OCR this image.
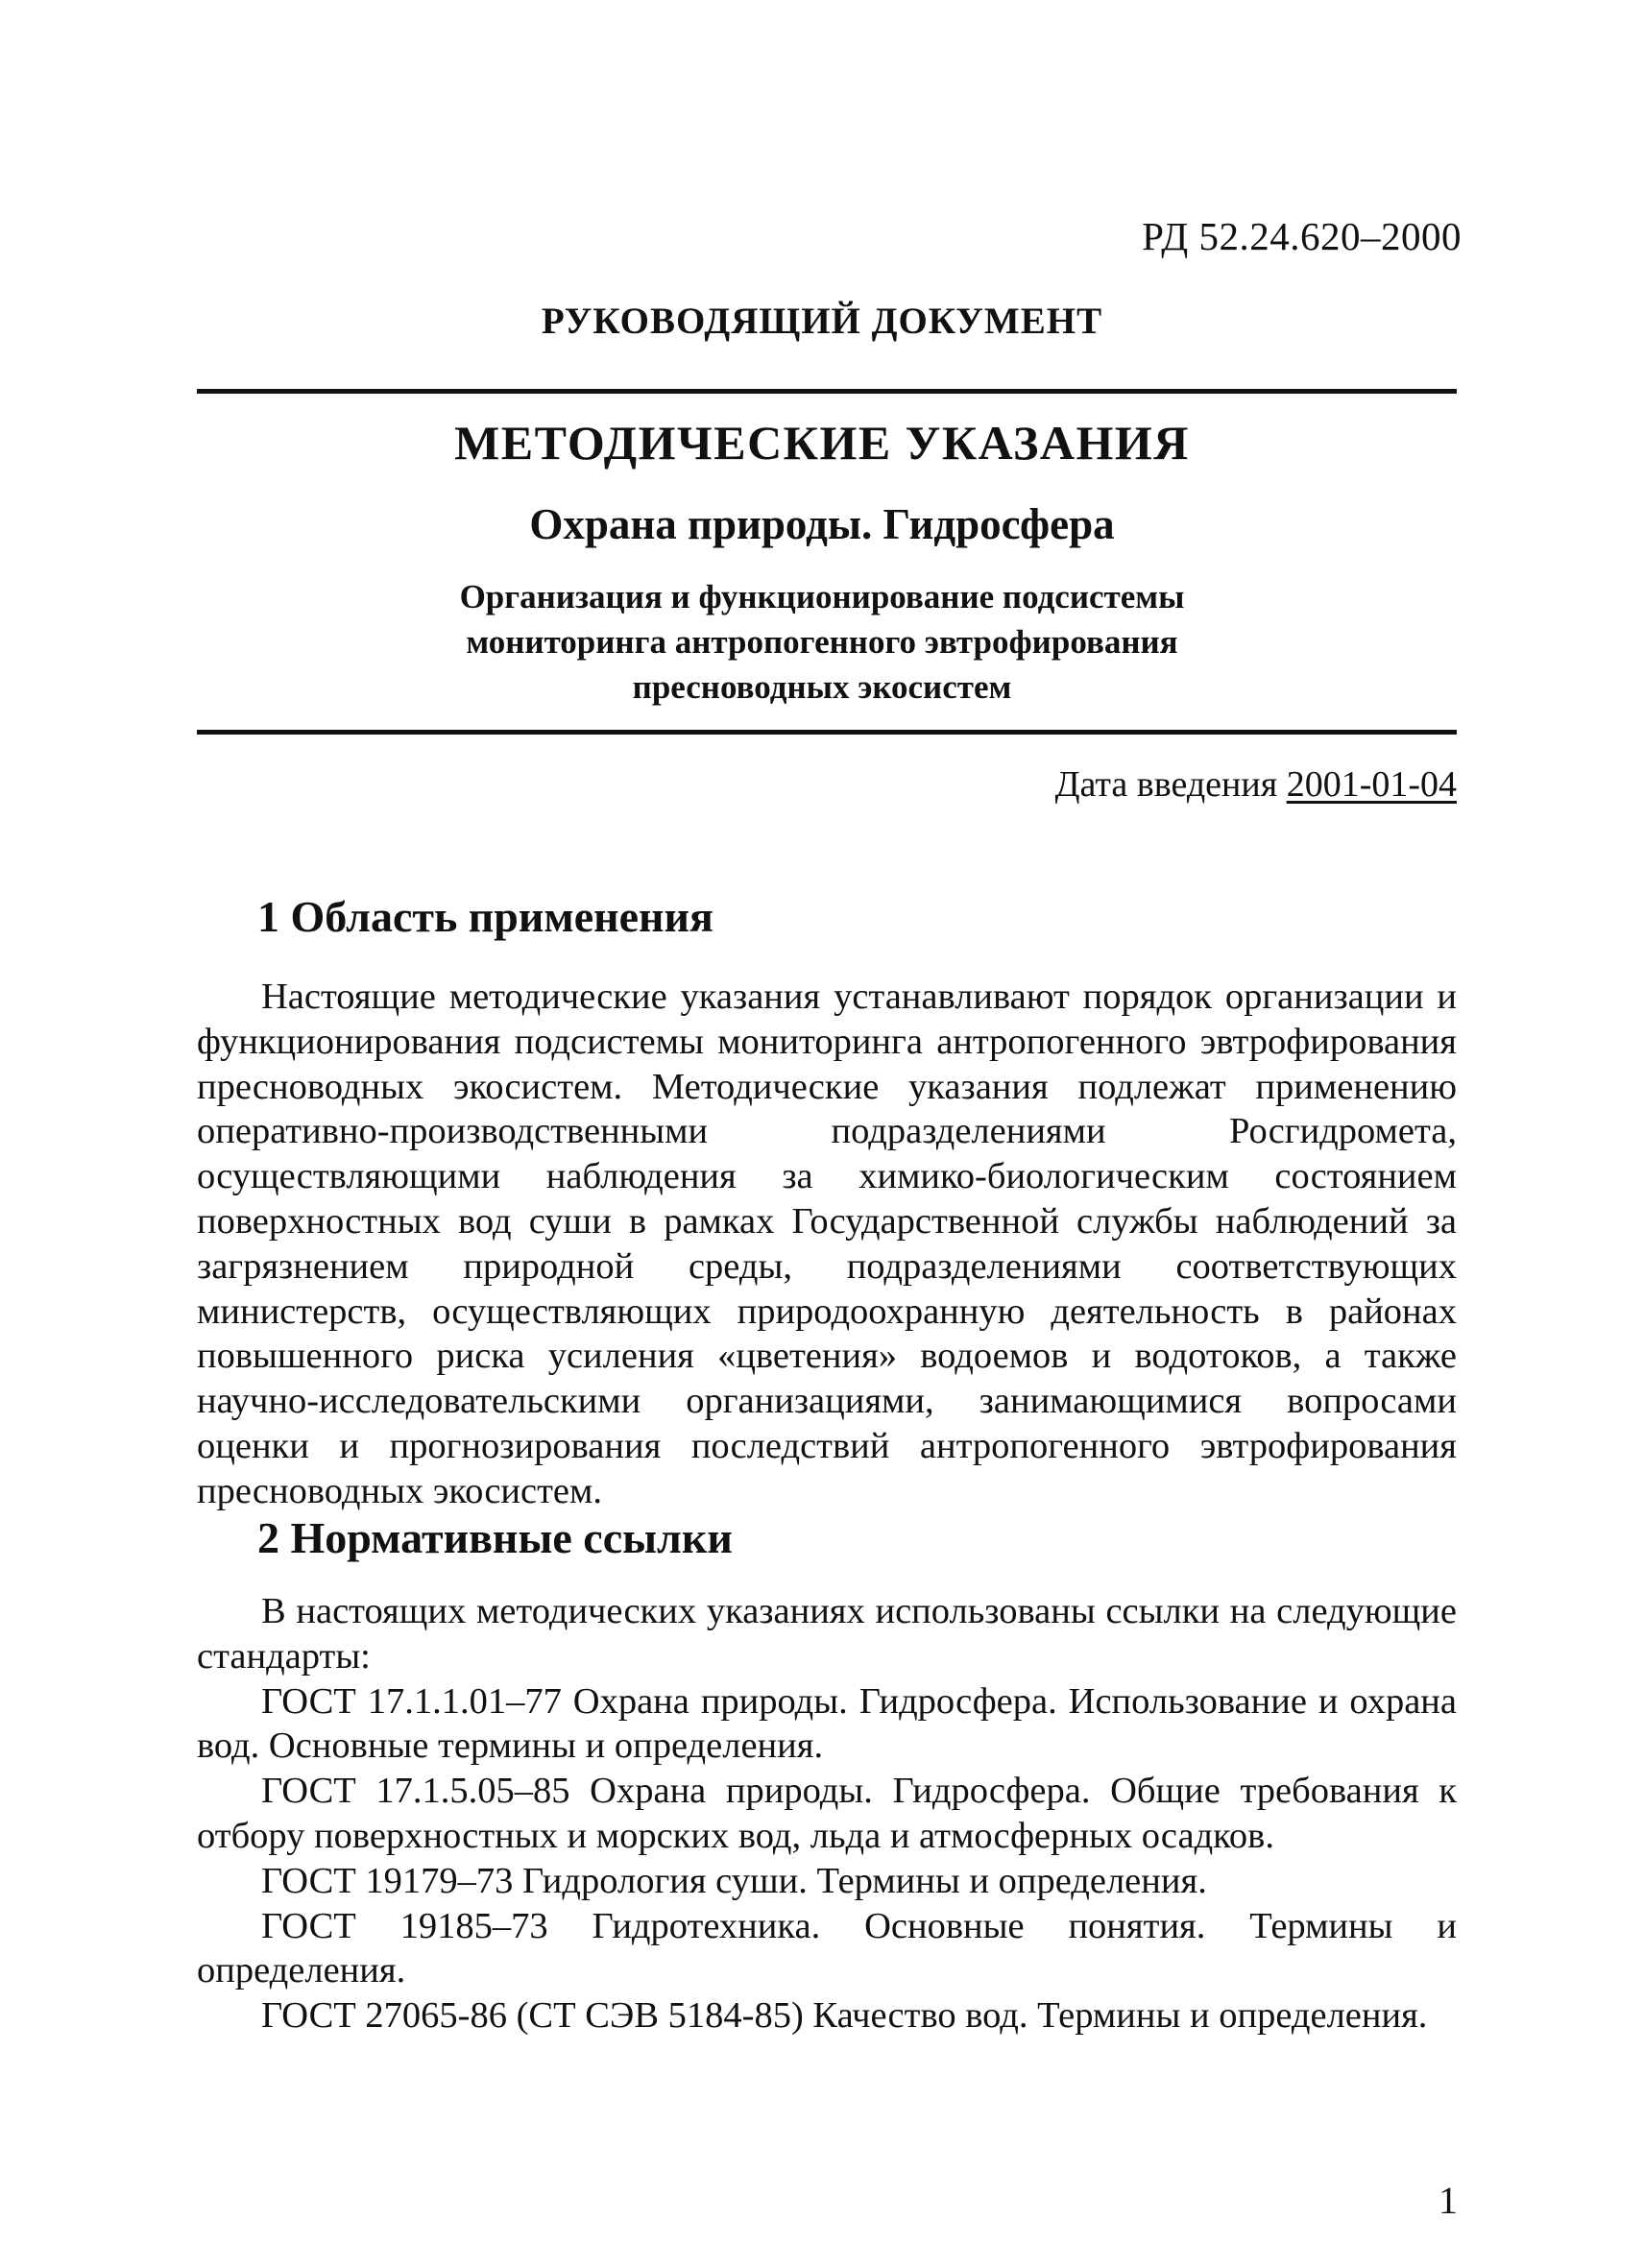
РД 52.24.620–2000
РУКОВОДЯЩИЙ ДОКУМЕНТ
МЕТОДИЧЕСКИЕ УКАЗАНИЯ
Охрана природы. Гидросфера
Организация и функционирование подсистемы
мониторинга антропогенного эвтрофирования
пресноводных экосистем
Дата введения 2001-01-04
1 Область применения

Настоящие методические указания устанавливают порядок организации и функционирования подсистемы мониторинга антропогенного эвтрофирования пресноводных экосистем. Методические указания подлежат применению оперативно-производственными подразделениями Росгидромета, осуществляющими наблюдения за химико-биологическим состоянием поверхностных вод суши в рамках Государственной службы наблюдений за загрязнением природной среды, подразделениями соответствующих министерств, осуществляющих природоохранную деятельность в районах повышенного риска усиления «цветения» водоемов и водотоков, а также научно-исследовательскими организациями, занимающимися вопросами оценки и прогнозирования последствий антропогенного эвтрофирования пресноводных экосистем.

2 Нормативные ссылки

В настоящих методических указаниях использованы ссылки на следующие стандарты:

ГОСТ 17.1.1.01–77 Охрана природы. Гидросфера. Использование и охрана вод. Основные термины и определения.

ГОСТ 17.1.5.05–85 Охрана природы. Гидросфера. Общие требования к отбору поверхностных и морских вод, льда и атмосферных осадков.

ГОСТ 19179–73 Гидрология суши. Термины и определения.

ГОСТ 19185–73 Гидротехника. Основные понятия. Термины и определения.

ГОСТ 27065-86 (СТ СЭВ 5184-85) Качество вод. Термины и определения.

1
